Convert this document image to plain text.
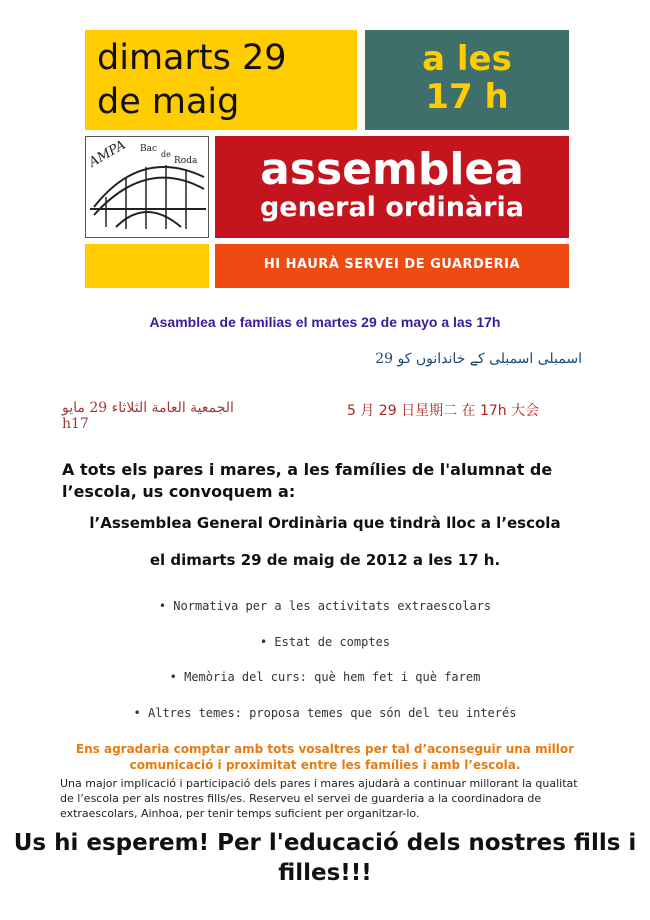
dimarts 29
de maig
a les
17 h
AMPA Bac
de
Roda	assemblea
general ordinària
HI HAURÀ SERVEI DE GUARDERIA
Asamblea de familias el martes 29 de mayo a las 17h
اسمبلی اسمبلی کے خاندانوں کو 29
الجمعية العامة الثلاثاء 29 مايو h17
5 月 29 日星期二 在 17h 大会
A tots els pares i mares, a les famílies de l'alumnat de l’escola, us convoquem a:
l’Assemblea General Ordinària que tindrà lloc a l’escola
el dimarts 29 de maig de 2012 a les 17 h.
• Normativa per a les activitats extraescolars
• Estat de comptes
• Memòria del curs: què hem fet i què farem
• Altres temes: proposa temes que són del teu interés
Ens agradaria comptar amb tots vosaltres per tal d’aconseguir una millor comunicació i proximitat entre les famílies i amb l’escola.
Una major implicació i participació dels pares i mares ajudarà a continuar millorant la qualitat de l’escola per als nostres fills/es. Reserveu el servei de guarderia a la coordinadora de extraescolars, Ainhoa, per tenir temps suficient per organitzar-lo.
Us hi esperem! Per l'educació dels nostres fills i filles!!!
